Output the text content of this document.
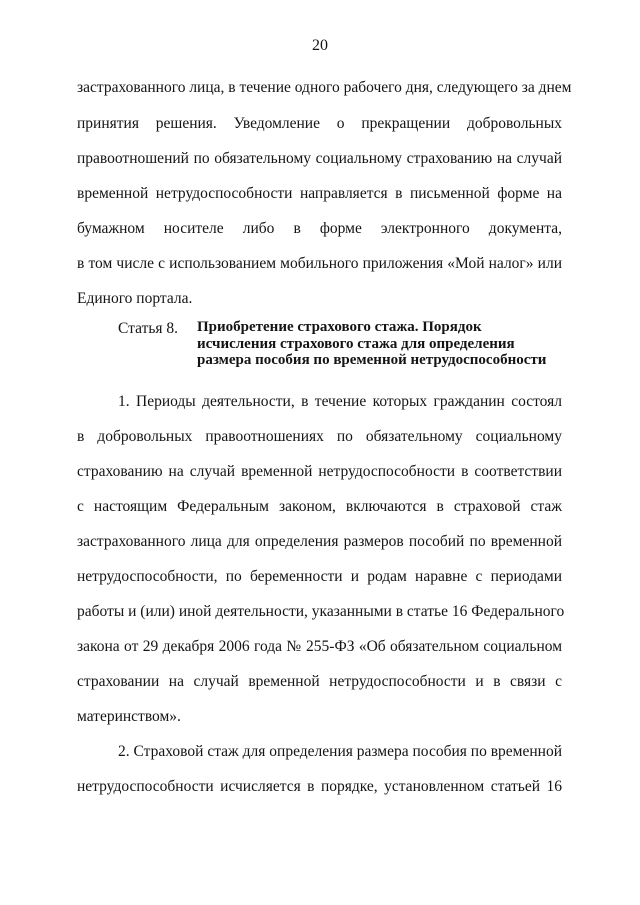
20
застрахованного лица, в течение одного рабочего дня, следующего за днем
принятия решения. Уведомление о прекращении добровольных
правоотношений по обязательному социальному страхованию на случай
временной нетрудоспособности направляется в письменной форме на
бумажном носителе либо в форме электронного документа,
в том числе с использованием мобильного приложения «Мой налог» или
Единого портала.
Статья 8. Приобретение страхового стажа. Порядок
исчисления страхового стажа для определения
размера пособия по временной нетрудоспособности
1. Периоды деятельности, в течение которых гражданин состоял
в добровольных правоотношениях по обязательному социальному
страхованию на случай временной нетрудоспособности в соответствии
с настоящим Федеральным законом, включаются в страховой стаж
застрахованного лица для определения размеров пособий по временной
нетрудоспособности, по беременности и родам наравне с периодами
работы и (или) иной деятельности, указанными в статье 16 Федерального
закона от 29 декабря 2006 года № 255-ФЗ «Об обязательном социальном
страховании на случай временной нетрудоспособности и в связи с
материнством».
2. Страховой стаж для определения размера пособия по временной
нетрудоспособности исчисляется в порядке, установленном статьей 16
